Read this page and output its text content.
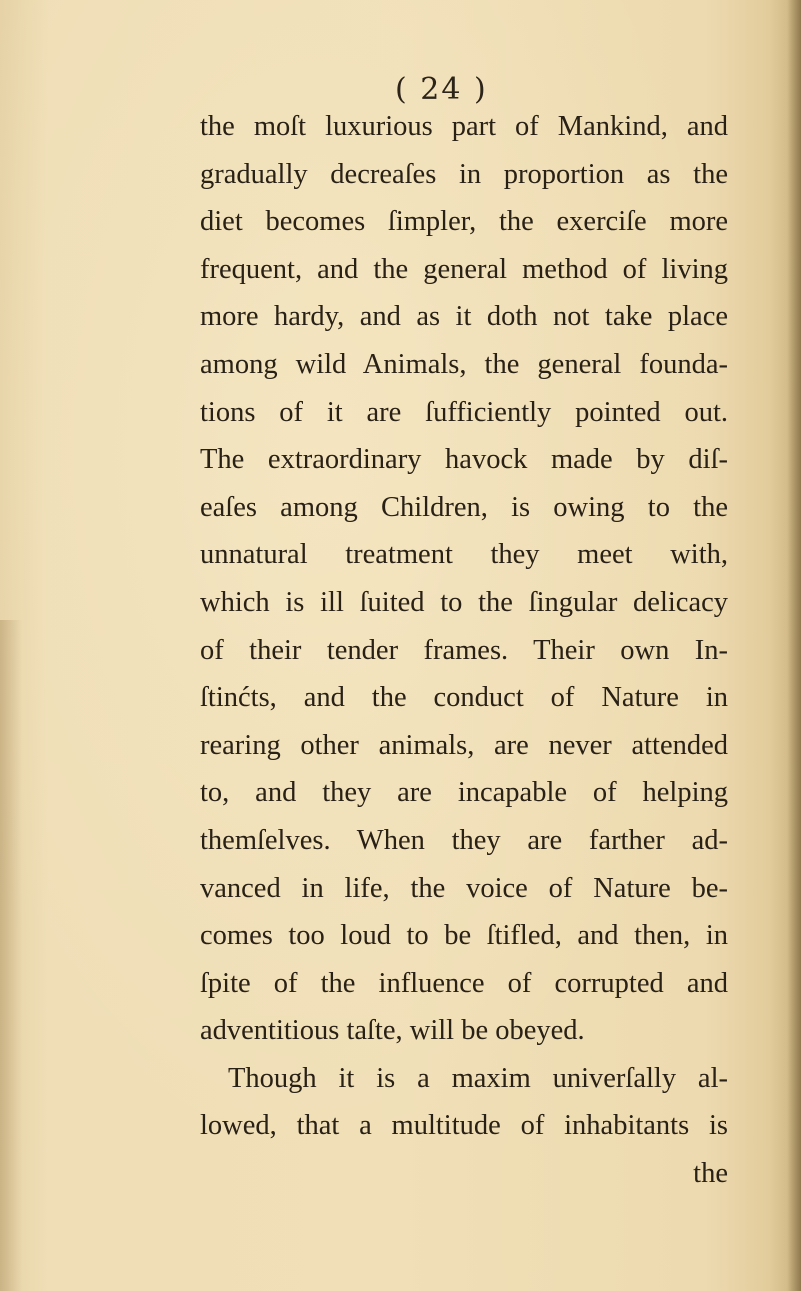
( 24 )
the moſt luxurious part of Mankind, and
gradually decreaſes in proportion as the
diet becomes ſimpler, the exerciſe more
frequent, and the general method of living
more hardy, and as it doth not take place
among wild Animals, the general founda-
tions of it are ſufficiently pointed out.
The extraordinary havock made by diſ-
eaſes among Children, is owing to the
unnatural treatment they meet with,
which is ill ſuited to the ſingular delicacy
of their tender frames. Their own In-
ſtinćts, and the conduct of Nature in
rearing other animals, are never attended
to, and they are incapable of helping
themſelves. When they are farther ad-
vanced in life, the voice of Nature be-
comes too loud to be ſtifled, and then, in
ſpite of the influence of corrupted and
adventitious taſte, will be obeyed.
Though it is a maxim univerſally al-
lowed, that a multitude of inhabitants is
the
